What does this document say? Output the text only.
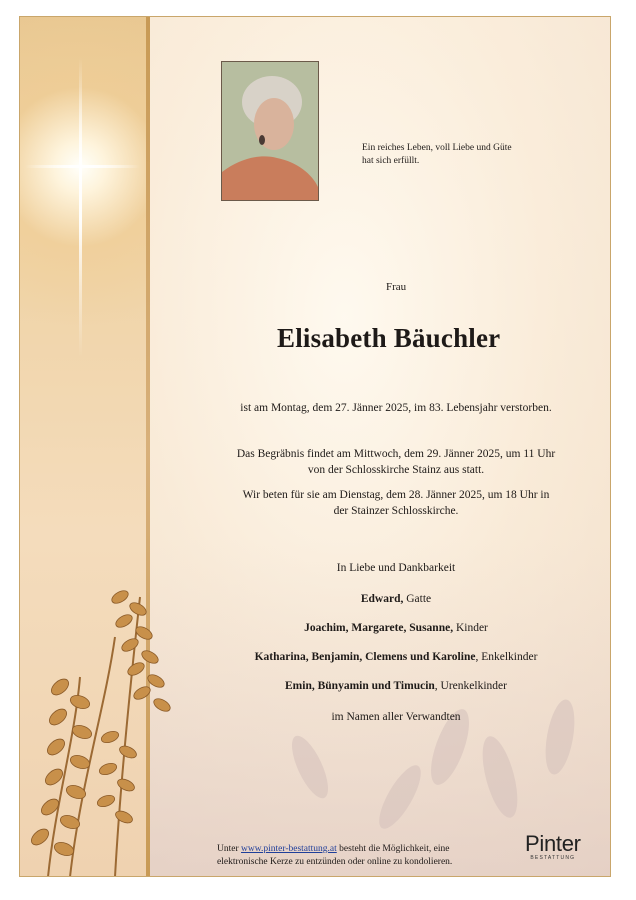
Ein reiches Leben, voll Liebe und Güte
hat sich erfüllt.
Frau
Elisabeth Bäuchler
ist am Montag, dem 27. Jänner 2025, im 83. Lebensjahr verstorben.
Das Begräbnis findet am Mittwoch, dem 29. Jänner 2025, um 11 Uhr
von der Schlosskirche Stainz aus statt.
Wir beten für sie am Dienstag, dem 28. Jänner 2025, um 18 Uhr in
der Stainzer Schlosskirche.
In Liebe und Dankbarkeit
Edward, Gatte
Joachim, Margarete, Susanne, Kinder
Katharina, Benjamin, Clemens und Karoline, Enkelkinder
Emin, Bünyamin und Timucin, Urenkelkinder
im Namen aller Verwandten
Unter www.pinter-bestattung.at besteht die Möglichkeit, eine
elektronische Kerze zu entzünden oder online zu kondolieren.
Pinter
BESTATTUNG
